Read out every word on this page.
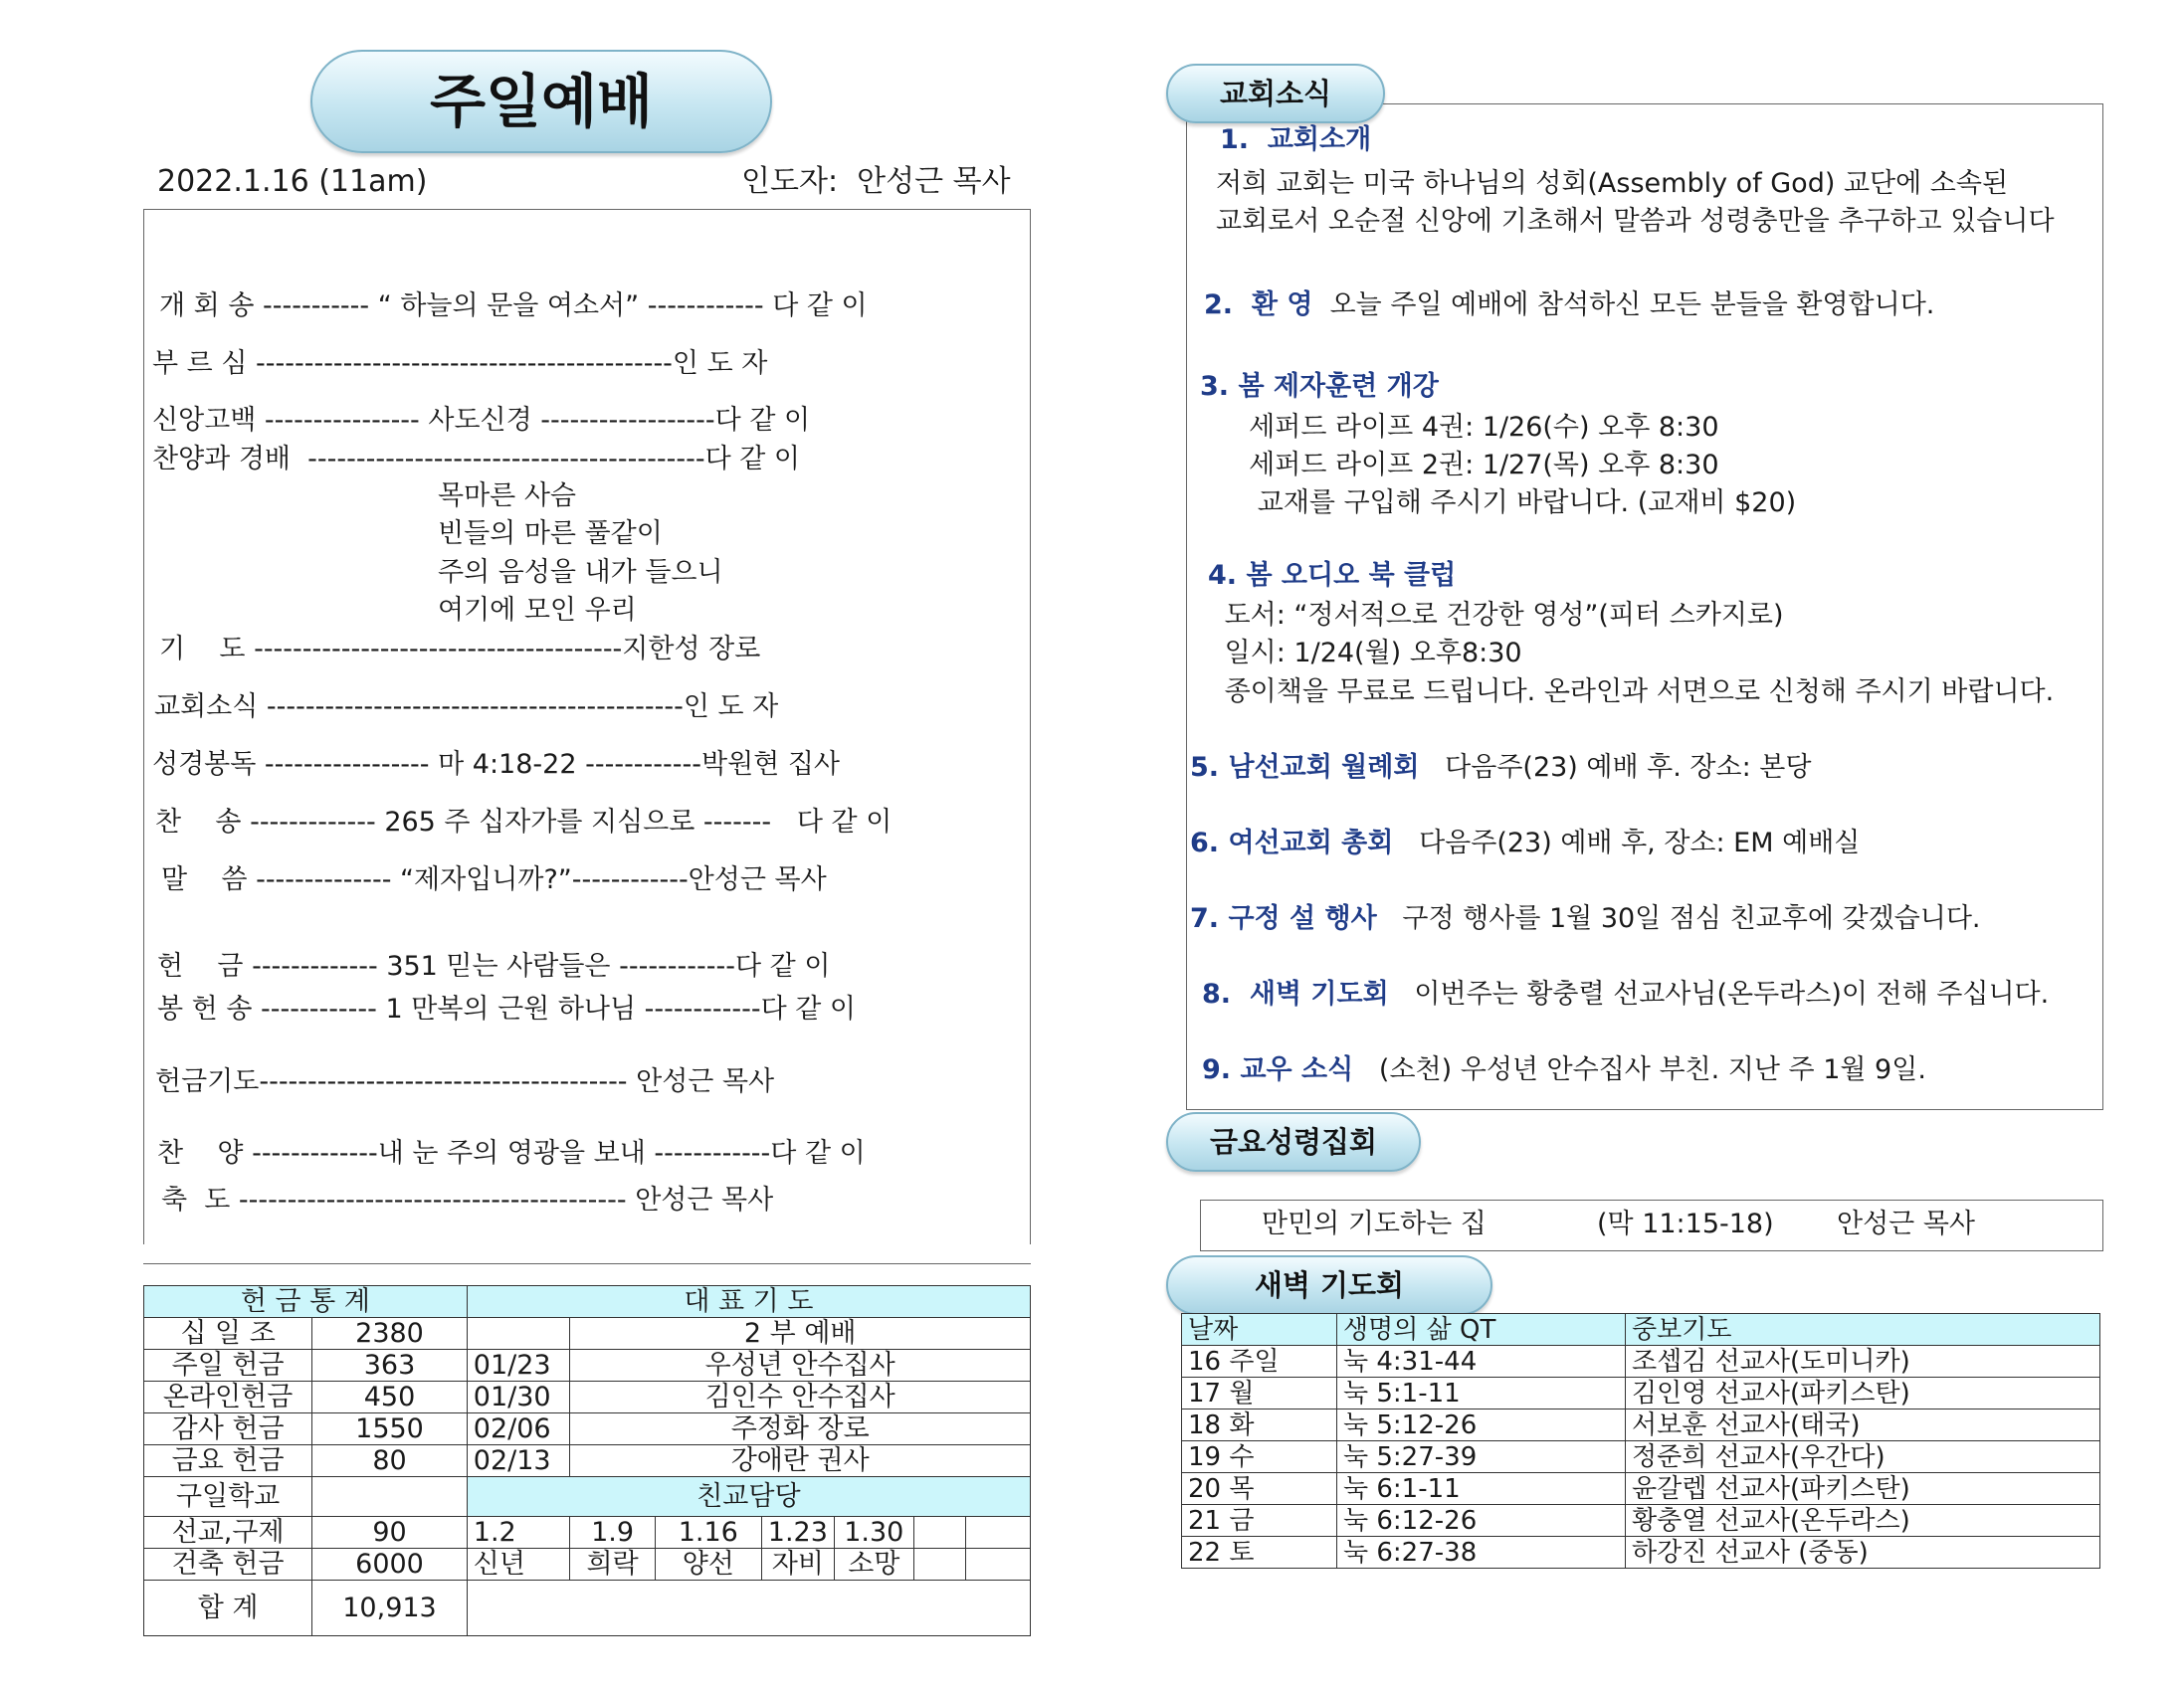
주일예배
2022.1.16 (11am)	인도자:  안성근 목사
개 회 송 ----------- “ 하늘의 문을 여소서” ------------ 다 같 이
부 르 심 -------------------------------------------인 도 자
신앙고백 ---------------- 사도신경 ------------------다 같 이
찬양과 경배  -----------------------------------------다 같 이
목마른 사슴
빈들의 마른 풀같이
주의 음성을 내가 들으니
여기에 모인 우리
기    도 --------------------------------------지한성 장로
교회소식 -------------------------------------------인 도 자
성경봉독 ----------------- 마 4:18-22 ------------박원현 집사
찬    송 ------------- 265 주 십자가를 지심으로 -------   다 같 이
말    씀 -------------- “제자입니까?”------------안성근 목사
헌    금 ------------- 351 믿는 사람들은 ------------다 같 이
봉 헌 송 ------------ 1 만복의 근원 하나님 ------------다 같 이
헌금기도-------------------------------------- 안성근 목사
찬    양 -------------내 눈 주의 영광을 보내 ------------다 같 이
축  도 ---------------------------------------- 안성근 목사
헌 금 통 계		대 표 기 도						
십 일 조	2380		2 부 예배					
주일 헌금	363	01/23	우성년 안수집사					
온라인헌금	450	01/30	김인수 안수집사					
감사 헌금	1550	02/06	주정화 장로					
금요 헌금	80	02/13	강애란 권사					
구일학교		친교담당						
선교,구제	90	1.2	1.9	1.16	1.23	1.30		
건축 헌금	6000	신년	희락	양선	자비	소망		
합 계	10,913							
교회소식
1.  교회소개
저희 교회는 미국 하나님의 성회(Assembly of God) 교단에 소속된
교회로서 오순절 신앙에 기초해서 말씀과 성령충만을 추구하고 있습니다
2.  환 영  오늘 주일 예배에 참석하신 모든 분들을 환영합니다.
3. 봄 제자훈련 개강
세퍼드 라이프 4권: 1/26(수) 오후 8:30
세퍼드 라이프 2권: 1/27(목) 오후 8:30
교재를 구입해 주시기 바랍니다. (교재비 $20)
4. 봄 오디오 북 클럽
도서: “정서적으로 건강한 영성”(피터 스카지로)
일시: 1/24(월) 오후8:30
종이책을 무료로 드립니다. 온라인과 서면으로 신청해 주시기 바랍니다.
5. 남선교회 월례회   다음주(23) 예배 후. 장소: 본당
6. 여선교회 총회   다음주(23) 예배 후, 장소: EM 예배실
7. 구정 설 행사   구정 행사를 1월 30일 점심 친교후에 갖겠습니다.
8.  새벽 기도회   이번주는 황충렬 선교사님(온두라스)이 전해 주십니다.
9. 교우 소식   (소천) 우성년 안수집사 부친. 지난 주 1월 9일.
금요성령집회
만민의 기도하는 집	(막 11:15-18) 안성근 목사
새벽 기도회
날짜	생명의 삶 QT	중보기도
16 주일	눅 4:31-44	조셉김 선교사(도미니카)
17 월	눅 5:1-11	김인영 선교사(파키스탄)
18 화	눅 5:12-26	서보훈 선교사(태국)
19 수	눅 5:27-39	정준희 선교사(우간다)
20 목	눅 6:1-11	윤갈렙 선교사(파키스탄)
21 금	눅 6:12-26	황충열 선교사(온두라스)
22 토	눅 6:27-38	하강진 선교사 (중동)
